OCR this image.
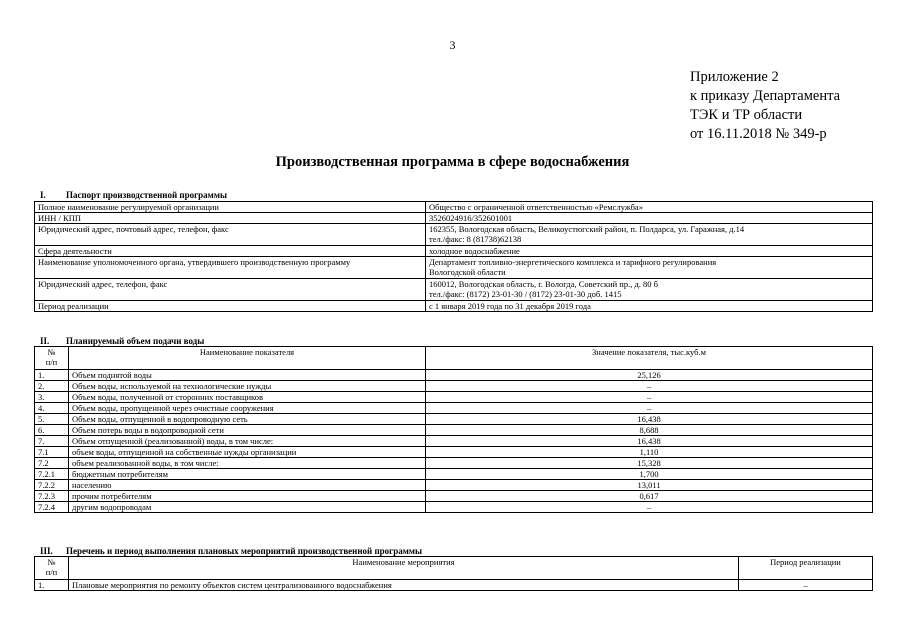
3
Приложение 2
к приказу Департамента
ТЭК и ТР области
от 16.11.2018 № 349-р
Производственная программа в сфере водоснабжения
I. Паспорт производственной программы
Полное наименование регулируемой организации	Общество с ограниченной ответственностью «Ремслужба»
ИНН / КПП	3526024916/352601001
Юридический адрес, почтовый адрес, телефон, факс	162355, Вологодская область, Великоустюгский район, п. Полдарса, ул. Гаражная, д.14
тел./факс: 8 (81738)62138
Сфера деятельности	холодное водоснабжение
Наименование уполномоченного органа, утвердившего производственную программу	Департамент топливно-энергетического комплекса и тарифного регулирования
Вологодской области
Юридический адрес, телефон, факс	160012, Вологодская область, г. Вологда, Советский пр., д. 80 б
тел./факс: (8172) 23-01-30 / (8172) 23-01-30 доб. 1415
Период реализации	с 1 января 2019 года по 31 декабря 2019 года
II. Планируемый объем подачи воды
№
п/п	Наименование показателя	Значение показателя, тыс.куб.м
1.	Объем поднятой воды	25,126
2.	Объем воды, используемой на технологические нужды	–
3.	Объем воды, полученной от сторонних поставщиков	–
4.	Объем воды, пропущенной через очистные сооружения	–
5.	Объем воды, отпущенной в водопроводную сеть	16,438
6.	Объем потерь воды в водопроводной сети	8,688
7.	Объем отпущенной (реализованной) воды, в том числе:	16,438
7.1	объем воды, отпущенной на собственные нужды организации	1,110
7.2	объем реализованной воды, в том числе:	15,328
7.2.1	бюджетным потребителям	1,700
7.2.2	населению	13,011
7.2.3	прочим потребителям	0,617
7.2.4	другим водопроводам	–
III. Перечень и период выполнения плановых мероприятий производственной программы
№
п/п	Наименование мероприятия	Период реализации
1.	Плановые мероприятия по ремонту объектов систем централизованного водоснабжения	–
